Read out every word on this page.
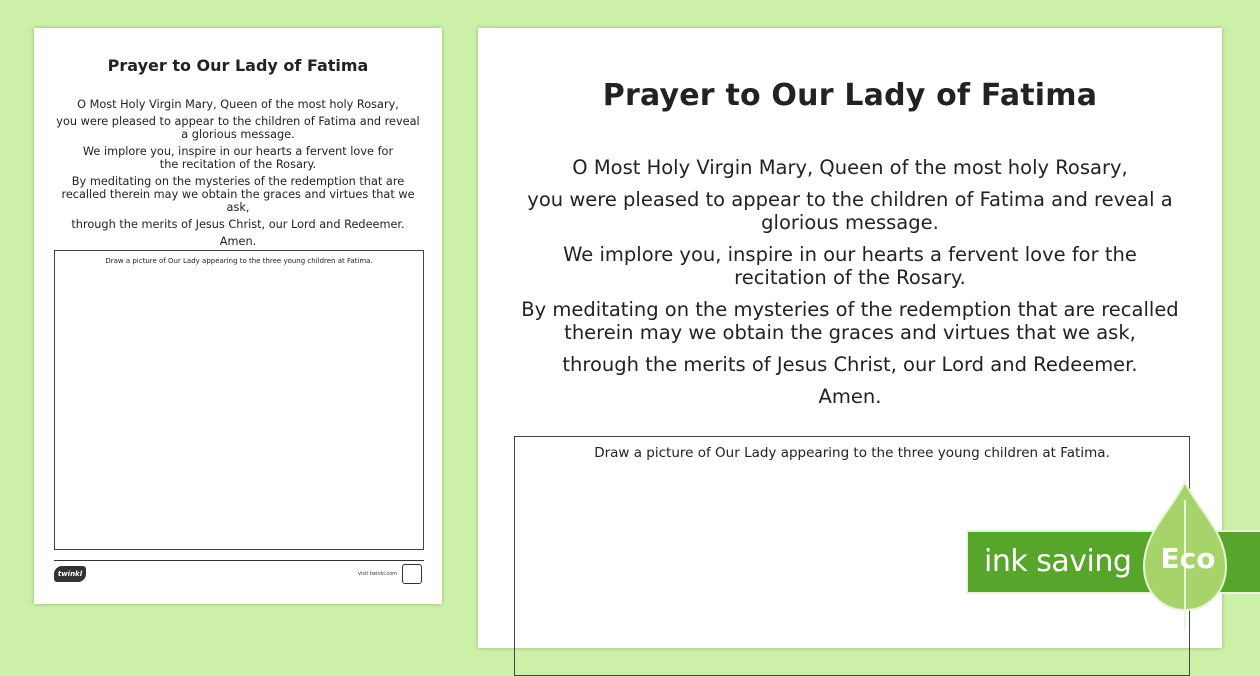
Prayer to Our Lady of Fatima

O Most Holy Virgin Mary, Queen of the most holy Rosary,

you were pleased to appear to the children of Fatima and reveal a glorious message.

We implore you, inspire in our hearts a fervent love for the recitation of the Rosary.

By meditating on the mysteries of the redemption that are recalled therein may we obtain the graces and virtues that we ask,

through the merits of Jesus Christ, our Lord and Redeemer.

Amen.

Draw a picture of Our Lady appearing to the three young children at Fatima.
twinkl	visit twinkl.com
Prayer to Our Lady of Fatima

O Most Holy Virgin Mary, Queen of the most holy Rosary,

you were pleased to appear to the children of Fatima and reveal a glorious message.

We implore you, inspire in our hearts a fervent love for the recitation of the Rosary.

By meditating on the mysteries of the redemption that are recalled therein may we obtain the graces and virtues that we ask,

through the merits of Jesus Christ, our Lord and Redeemer.

Amen.

Draw a picture of Our Lady appearing to the three young children at Fatima.
ink saving Eco
